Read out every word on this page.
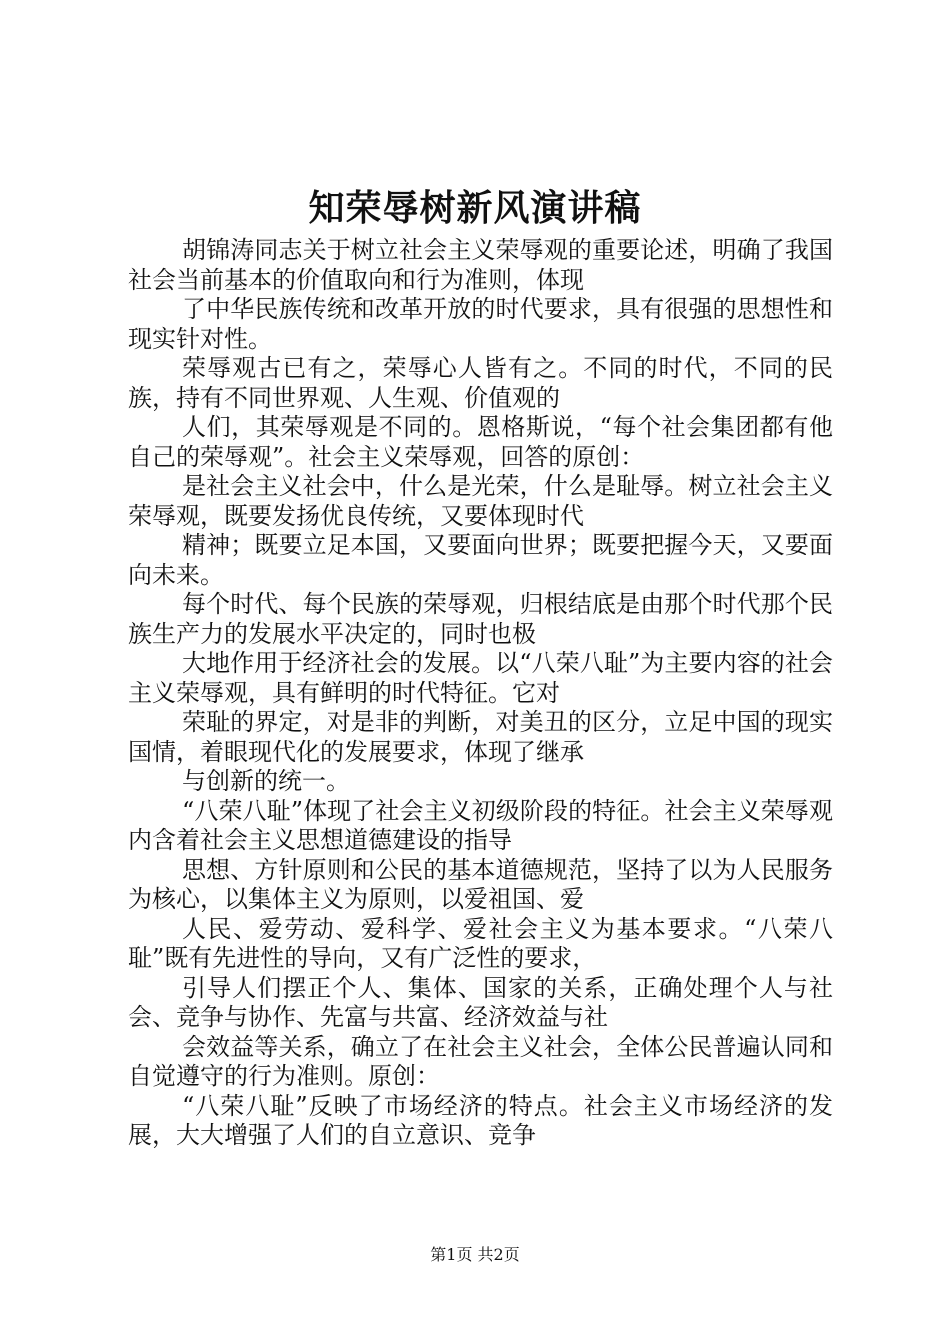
知荣辱树新风演讲稿

胡锦涛同志关于树立社会主义荣辱观的重要论述，明确了我国社会当前基本的价值取向和行为准则，体现

了中华民族传统和改革开放的时代要求，具有很强的思想性和现实针对性。

荣辱观古已有之，荣辱心人皆有之。不同的时代，不同的民族，持有不同世界观、人生观、价值观的

人们，其荣辱观是不同的。恩格斯说，“每个社会集团都有他自己的荣辱观”。社会主义荣辱观，回答的原创：

是社会主义社会中，什么是光荣，什么是耻辱。树立社会主义荣辱观，既要发扬优良传统，又要体现时代

精神；既要立足本国，又要面向世界；既要把握今天，又要面向未来。

每个时代、每个民族的荣辱观，归根结底是由那个时代那个民族生产力的发展水平决定的，同时也极

大地作用于经济社会的发展。以“八荣八耻”为主要内容的社会主义荣辱观，具有鲜明的时代特征。它对

荣耻的界定，对是非的判断，对美丑的区分，立足中国的现实国情，着眼现代化的发展要求，体现了继承

与创新的统一。

“八荣八耻”体现了社会主义初级阶段的特征。社会主义荣辱观内含着社会主义思想道德建设的指导

思想、方针原则和公民的基本道德规范，坚持了以为人民服务为核心，以集体主义为原则，以爱祖国、爱

人民、爱劳动、爱科学、爱社会主义为基本要求。“八荣八耻”既有先进性的导向，又有广泛性的要求，

引导人们摆正个人、集体、国家的关系，正确处理个人与社会、竞争与协作、先富与共富、经济效益与社

会效益等关系，确立了在社会主义社会，全体公民普遍认同和自觉遵守的行为准则。原创：

“八荣八耻”反映了市场经济的特点。社会主义市场经济的发展，大大增强了人们的自立意识、竞争

第1页 共2页
